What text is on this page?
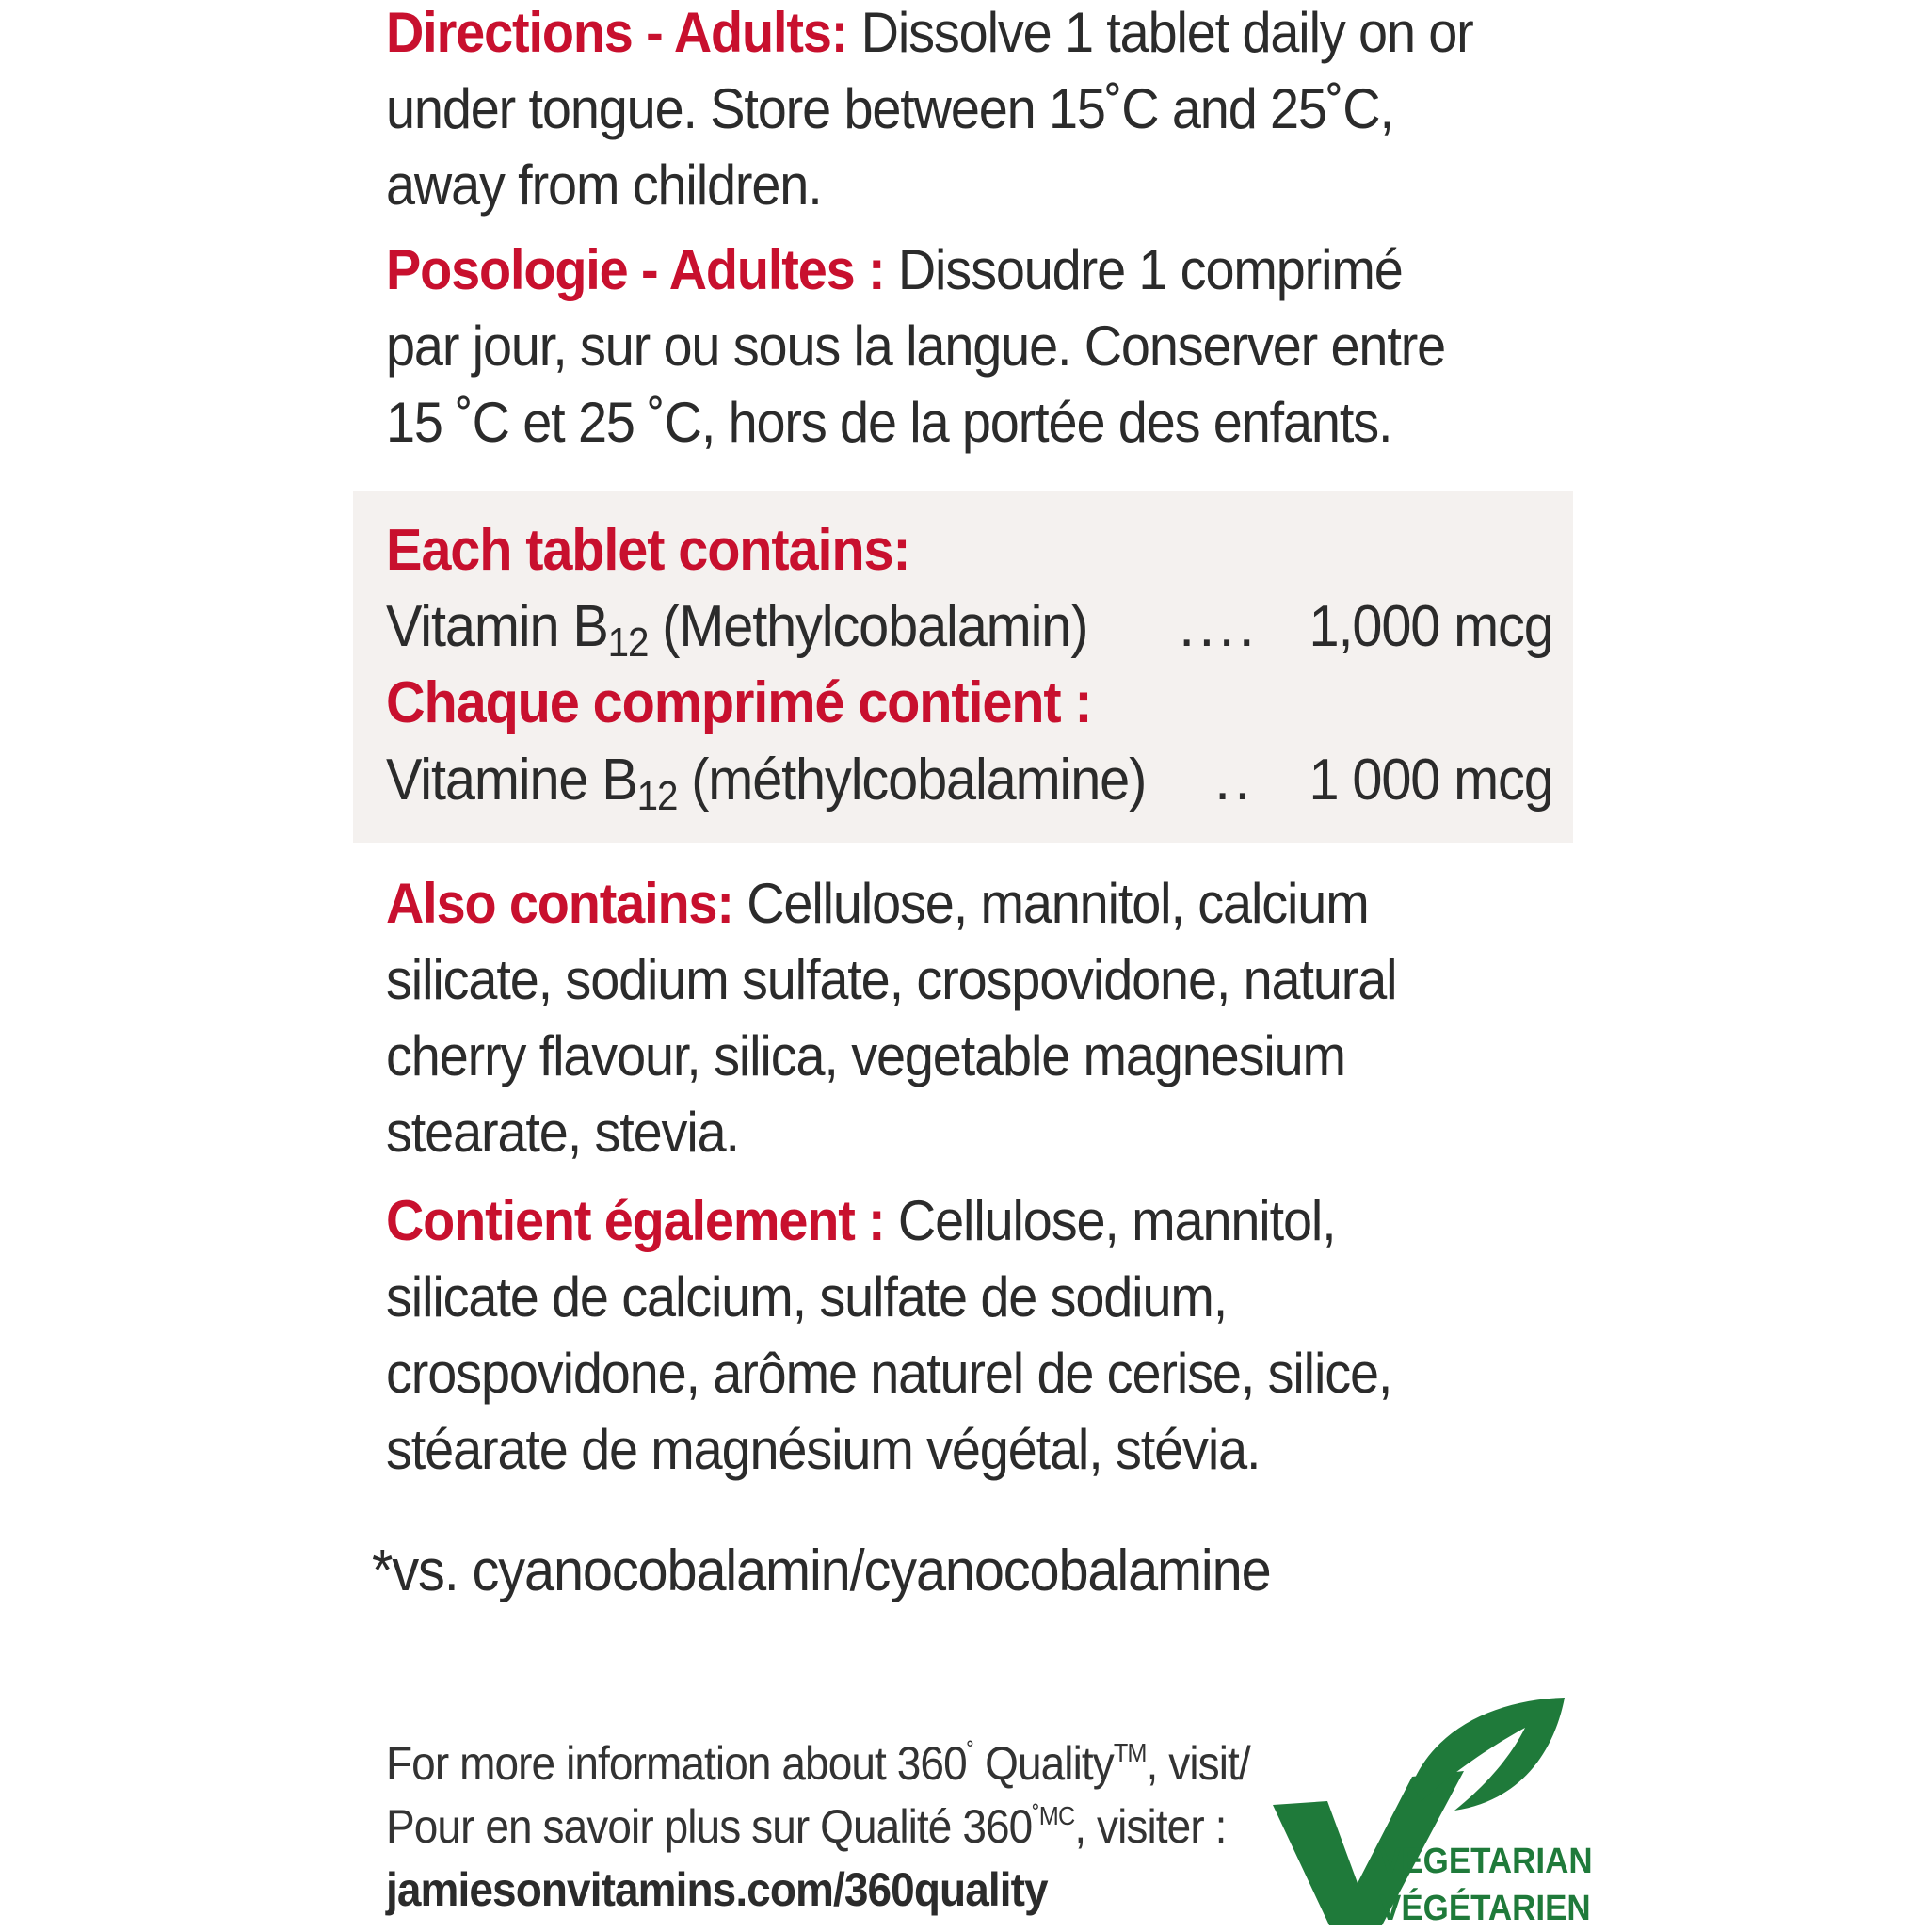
Directions - Adults: Dissolve 1 tablet daily on or under tongue. Store between 15˚C and 25˚C, away from children.

Posologie - Adultes : Dissoudre 1 comprimé par jour, sur ou sous la langue. Conserver entre 15 ˚C et 25 ˚C, hors de la portée des enfants.

Each tablet contains:
Vitamin $B_{12}$ (Methylcobalamin) .... 1,000 mcg
Chaque comprimé contient :
Vitamine $B_{12}$ (méthylcobalamine) .. 1 000 mcg

Also contains: Cellulose, mannitol, calcium silicate, sodium sulfate, crospovidone, natural cherry flavour, silica, vegetable magnesium stearate, stevia.

Contient également : Cellulose, mannitol, silicate de calcium, sulfate de sodium, crospovidone, arôme naturel de cerise, silice, stéarate de magnésium végétal, stévia.

*vs. cyanocobalamin/cyanocobalamine
For more information about 360˚ Quality™, visit/
Pour en savoir plus sur Qualité $360^{˚MC}$, visiter :
jamiesonvitamins.com/360quality
VEGETARIAN
VÉGÉTARIEN
